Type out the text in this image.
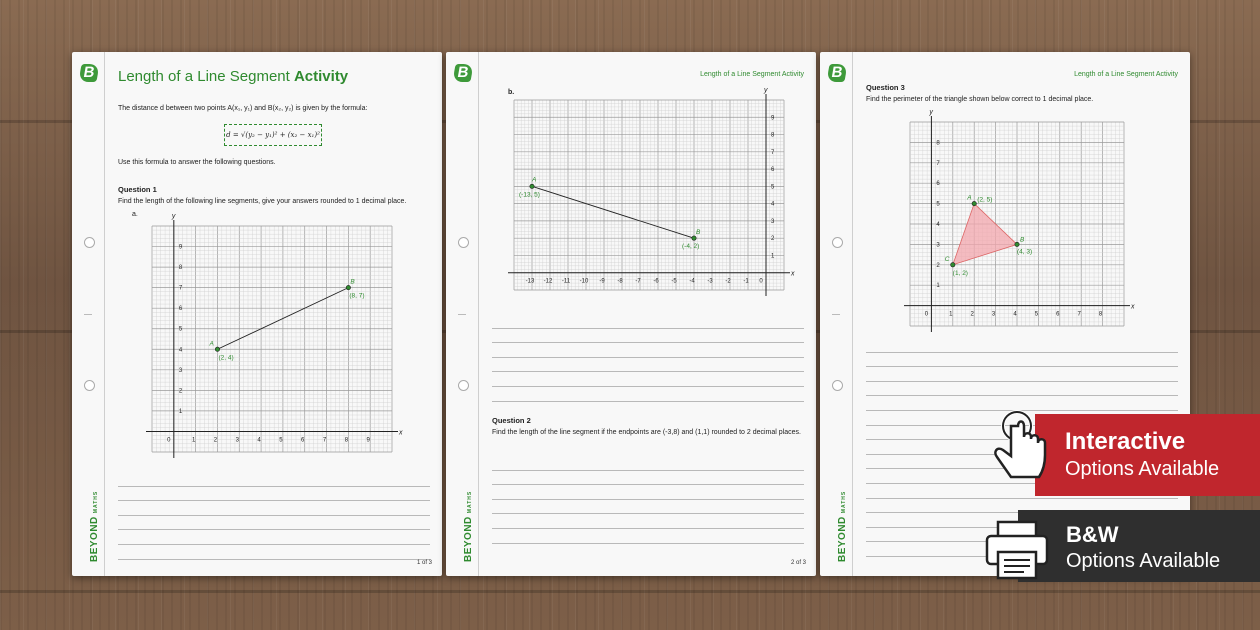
B
BEYONDMATHS
Length of a Line Segment Activity
The distance d between two points A(x₁, y₁) and B(x₂, y₂) is given by the formula:
d = √(y₂ − y₁)² + (x₂ − x₁)²
Use this formula to answer the following questions.
Question 1
Find the length of the following line segments, give your answers rounded to 1 decimal place.
a.
x
y
0	1	2	3	4	5	6	7	8	9
1
2
3
4
5
6
7
8
9
A
(2, 4)
B
(8, 7)
1 of 3
B
BEYONDMATHS
Length of a Line Segment Activity
b.
x
y
-13 -12 -11 -10 -9 -8 -7 -6 -5 -4 -3 -2 -1 0
1
2
3
4
5
6
7
8
9
A
(-13, 5)
B
(-4, 2)
Question 2
Find the length of the line segment if the endpoints are (-3,8) and (1,1) rounded to 2 decimal places.
2 of 3
B
BEYONDMATHS
Length of a Line Segment Activity
Question 3
Find the perimeter of the triangle shown below correct to 1 decimal place.
x
y
0	1	2	3	4	5	6	7	8
1
2
3
4
5
6
7
8
A (2, 5)
B
(4, 3)
C
(1, 2)
Interactive
Options Available
B&W
Options Available
